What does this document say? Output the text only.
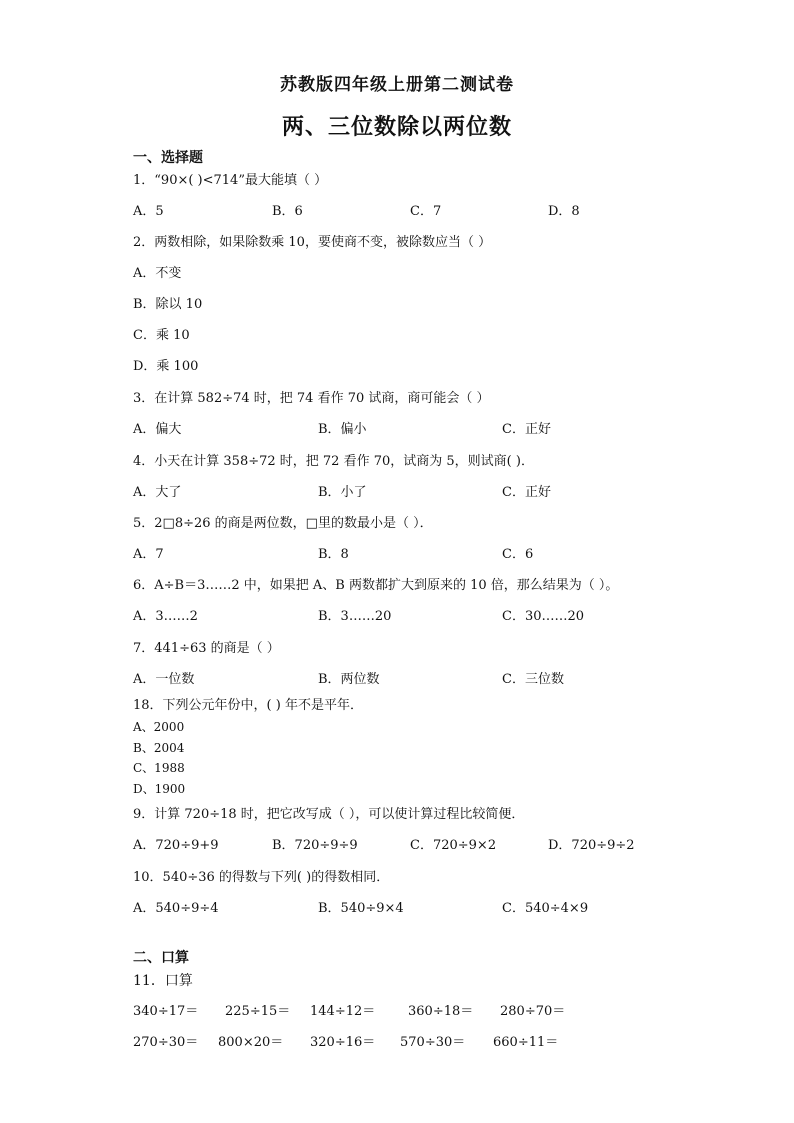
苏教版四年级上册第二测试卷
两、三位数除以两位数
一、选择题
1．“90×( )<714”最大能填（ ）
A．5	B．6	C．7	D．8
2．两数相除，如果除数乘 10，要使商不变，被除数应当（ ）
A．不变
B．除以 10
C．乘 10
D．乘 100
3．在计算 582÷74 时，把 74 看作 70 试商，商可能会（ ）
A．偏大	B．偏小	C．正好
4．小天在计算 358÷72 时，把 72 看作 70，试商为 5，则试商( )．
A．大了	B．小了	C．正好
5．2□8÷26 的商是两位数，□里的数最小是（ ）．
A．7	B．8	C．6
6．A÷B＝3……2 中，如果把 A、B 两数都扩大到原来的 10 倍，那么结果为（ ）。
A．3……2	B．3……20	C．30……20
7．441÷63 的商是（ ）
A．一位数	B．两位数	C．三位数
18．下列公元年份中，( ) 年不是平年．
A、2000
B、2004
C、1988
D、1900
9．计算 720÷18 时，把它改写成（ ），可以使计算过程比较简便．
A．720÷9+9	B．720÷9÷9	C．720÷9×2	D．720÷9÷2
10．540÷36 的得数与下列( )的得数相同．
A．540÷9÷4	B．540÷9×4	C．540÷4×9
二、口算
11．口算
340÷17＝ 225÷15＝ 144÷12＝	360÷18＝ 280÷70＝
270÷30＝ 800×20＝ 320÷16＝ 570÷30＝ 660÷11＝
